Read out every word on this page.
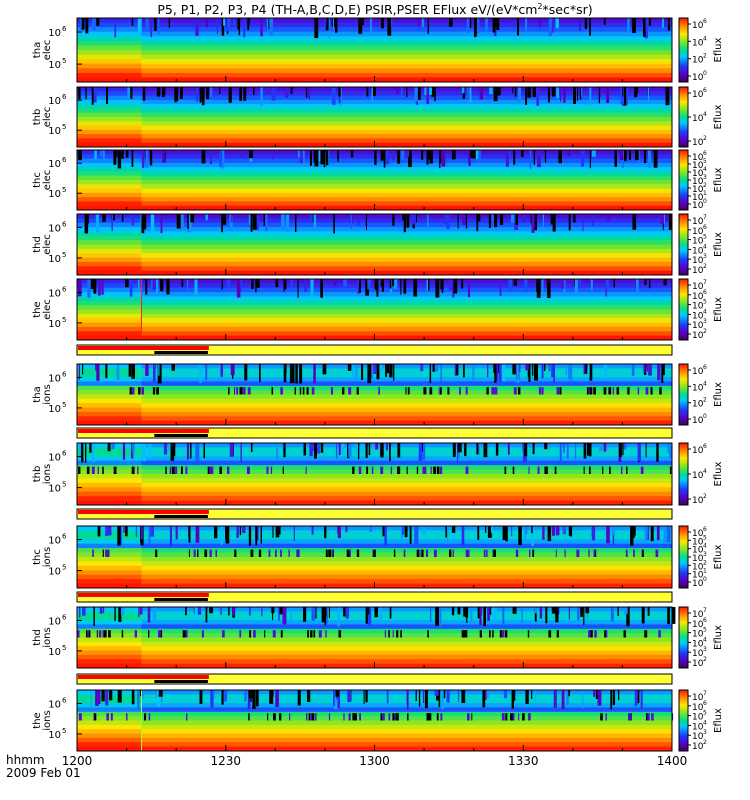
P5, P1, P2, P3, P4 (TH-A,B,C,D,E) PSIR,PSER EFlux $eV/(eV*cm^2*\sec*sr)$
10 6
10 5
tha elec
10 6
10 4
10 2
10 0
Eflux
10 6
10 5
thb elec
10 6
10 4
10 2
Eflux
10 6
10 5
thc elec
10 6
10 5
10 4
10 3
10 2
10 1
10 0
Eflux
10 6
10 5
thd elec
10 7
10 6
10 5
10 4
10 3
10 2
Eflux
10 6
10 5
the elec
10 7
10 6
10 5
10 4
10 3
10 2
Eflux
10 6
10 5
tha ions
10 6
10 4
10 2
10 0
Eflux
10 6
10 5
thb ions
10 6
10 4
10 2
Eflux
10 6
10 5
thc ions
10 6
10 5
10 4
10 3
10 2
10 1
10 0
Eflux
10 6
10 5
thd ions
10 7
10 6
10 5
10 4
10 3
10 2
Eflux
10 6
10 5
the ions
10 7
10 6
10 5
10 4
10 3
10 2
Eflux
1200	1230	1300	1330	1400
hhmm
2009 Feb 01
